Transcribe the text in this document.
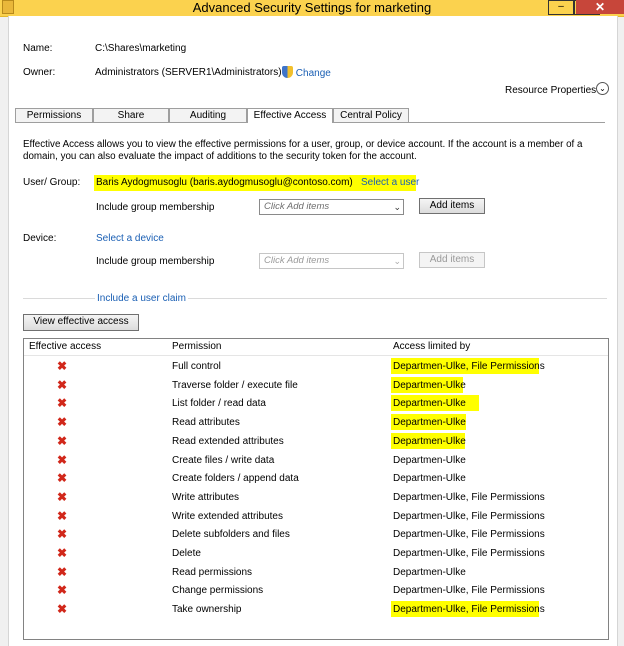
Advanced Security Settings for marketing	–	✕
Name:	C:\Shares\marketing
Owner:	Administrators (SERVER1\Administrators)	Change
Resource Properties ⌄
Permissions	Share	Auditing	Effective Access	Central Policy
Effective Access allows you to view the effective permissions for a user, group, or device account. If the account is a member of a domain, you can also evaluate the impact of additions to the security token for the account.
User/ Group: Baris Aydogmusoglu (baris.aydogmusoglu@contoso.com) Select a user
Include group membership	Click Add items	⌄	Add items
Device:	Select a device
Include group membership	Click Add items	⌄	Add items
Include a user claim
View effective access
Effective access	Permission	Access limited by
✖	Full control	Departmen-Ulke, File Permissions
✖	Traverse folder / execute file	Departmen-Ulke
✖	List folder / read data	Departmen-Ulke
✖	Read attributes	Departmen-Ulke
✖	Read extended attributes	Departmen-Ulke
✖	Create files / write data	Departmen-Ulke
✖	Create folders / append data	Departmen-Ulke
✖	Write attributes	Departmen-Ulke, File Permissions
✖	Write extended attributes	Departmen-Ulke, File Permissions
✖	Delete subfolders and files	Departmen-Ulke, File Permissions
✖	Delete	Departmen-Ulke, File Permissions
✖	Read permissions	Departmen-Ulke
✖	Change permissions	Departmen-Ulke, File Permissions
✖	Take ownership	Departmen-Ulke, File Permissions
